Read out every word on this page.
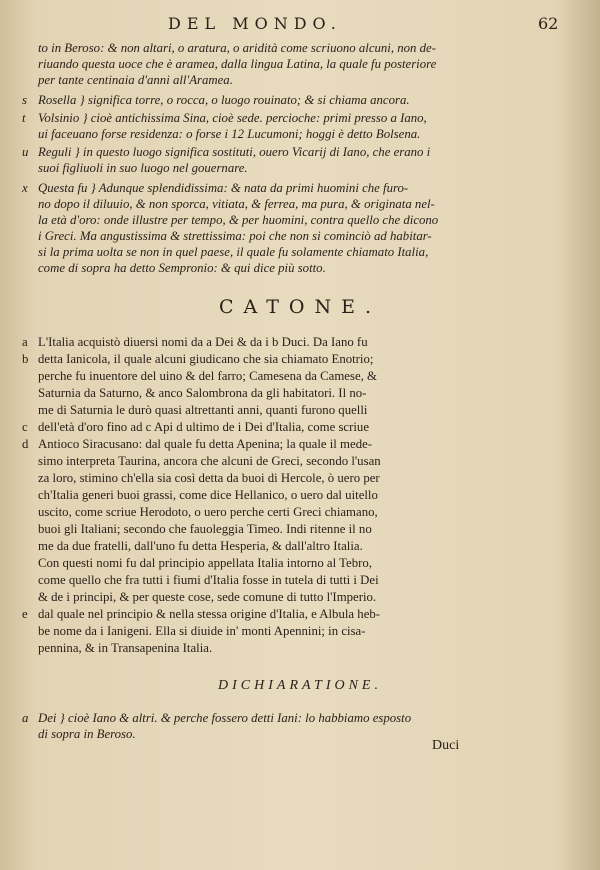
DEL MONDO.	62
to in Beroso: & non altari, o aratura, o aridità come scriuono alcuni, non de-
riuando questa uoce che è aramea, dalla lingua Latina, la quale fu posteriore
per tante centinaia d'anni all'Aramea.
s Rosella } significa torre, o rocca, o luogo rouinato; & si chiama ancora.
t Volsinio } cioè antichissima Sina, cioè sede. percioche: primi presso a Iano,
ui faceuano forse residenza: o forse i 12 Lucumoni; hoggi è detto Bolsena.
u Reguli } in questo luogo significa sostituti, ouero Vicarij di Iano, che erano i
suoi figliuoli in suo luogo nel gouernare.
x Questa fu } Adunque splendidissima: & nata da primi huomini che furo-
no dopo il diluuio, & non sporca, vitiata, & ferrea, ma pura, & originata nel-
la età d'oro: onde illustre per tempo, & per huomini, contra quello che dicono
i Greci. Ma angustissima & strettissima: poi che non si cominciò ad habitar-
si la prima uolta se non in quel paese, il quale fu solamente chiamato Italia,
come di sopra ha detto Sempronio: & qui dice più sotto.
CATONE.
a L'Italia acquistò diuersi nomi da a Dei & da i b Duci. Da Iano fu
b detta Ianicola, il quale alcuni giudicano che sia chiamato Enotrio;
perche fu inuentore del uino & del farro; Camesena da Camese, &
Saturnia da Saturno, & anco Salombrona da gli habitatori. Il no-
me di Saturnia le durò quasi altrettanti anni, quanti furono quelli
c dell'età d'oro fino ad c Api d ultimo de i Dei d'Italia, come scriue
d Antioco Siracusano: dal quale fu detta Apenina; la quale il mede-
simo interpreta Taurina, ancora che alcuni de Greci, secondo l'usan
za loro, stimino ch'ella sia così detta da buoi di Hercole, ò uero per
ch'Italia generi buoi grassi, come dice Hellanico, o uero dal uitello
uscito, come scriue Herodoto, o uero perche certi Greci chiamano,
buoi gli Italiani; secondo che fauoleggia Timeo. Indi ritenne il no
me da due fratelli, dall'uno fu detta Hesperia, & dall'altro Italia.
Con questi nomi fu dal principio appellata Italia intorno al Tebro,
come quello che fra tutti i fiumi d'Italia fosse in tutela di tutti i Dei
& de i principi, & per queste cose, sede comune di tutto l'Imperio.
e dal quale nel principio & nella stessa origine d'Italia, e Albula heb-
be nome da i Ianigeni. Ella si diuide in' monti Apennini; in cisa-
pennina, & in Transapenina Italia.
DICHIARATIONE.
a Dei } cioè Iano & altri. & perche fossero detti Iani: lo habbiamo esposto
di sopra in Beroso.
Duci
